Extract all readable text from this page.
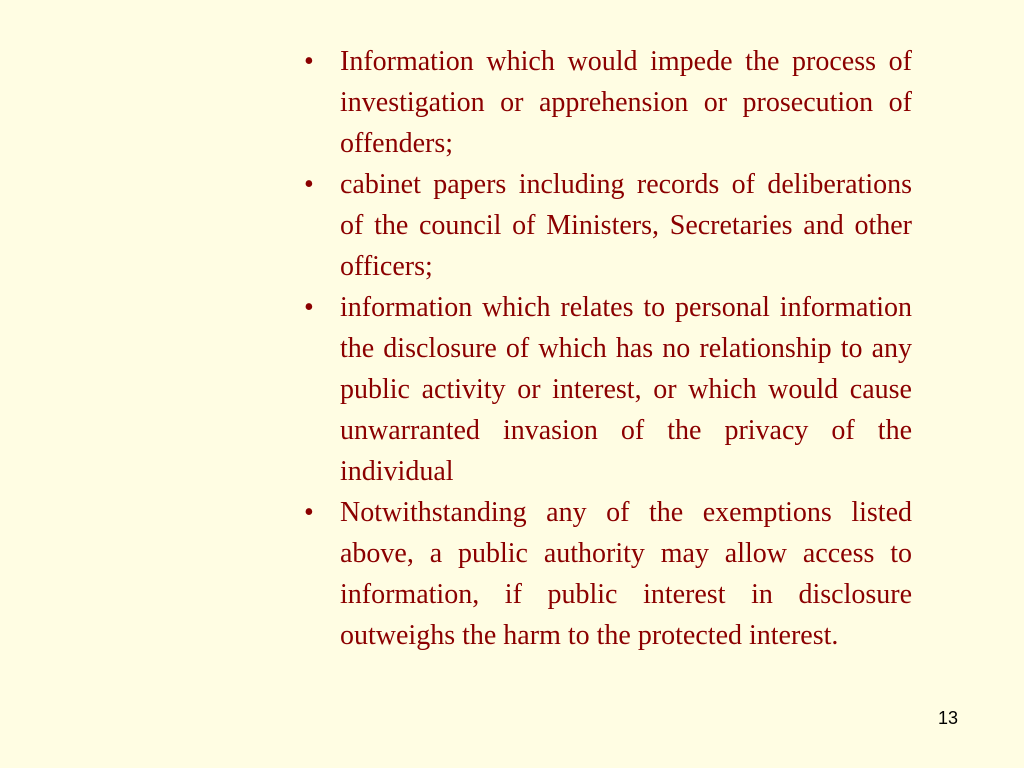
• Information which would impede the process of investigation or apprehension or prosecution of offenders;
• cabinet papers including records of deliberations of the council of Ministers, Secretaries and other officers;
• information which relates to personal information the disclosure of which has no relationship to any public activity or interest, or which would cause unwarranted invasion of the privacy of the individual
• Notwithstanding any of the exemptions listed above, a public authority may allow access to information, if public interest in disclosure outweighs the harm to the protected interest.
13
